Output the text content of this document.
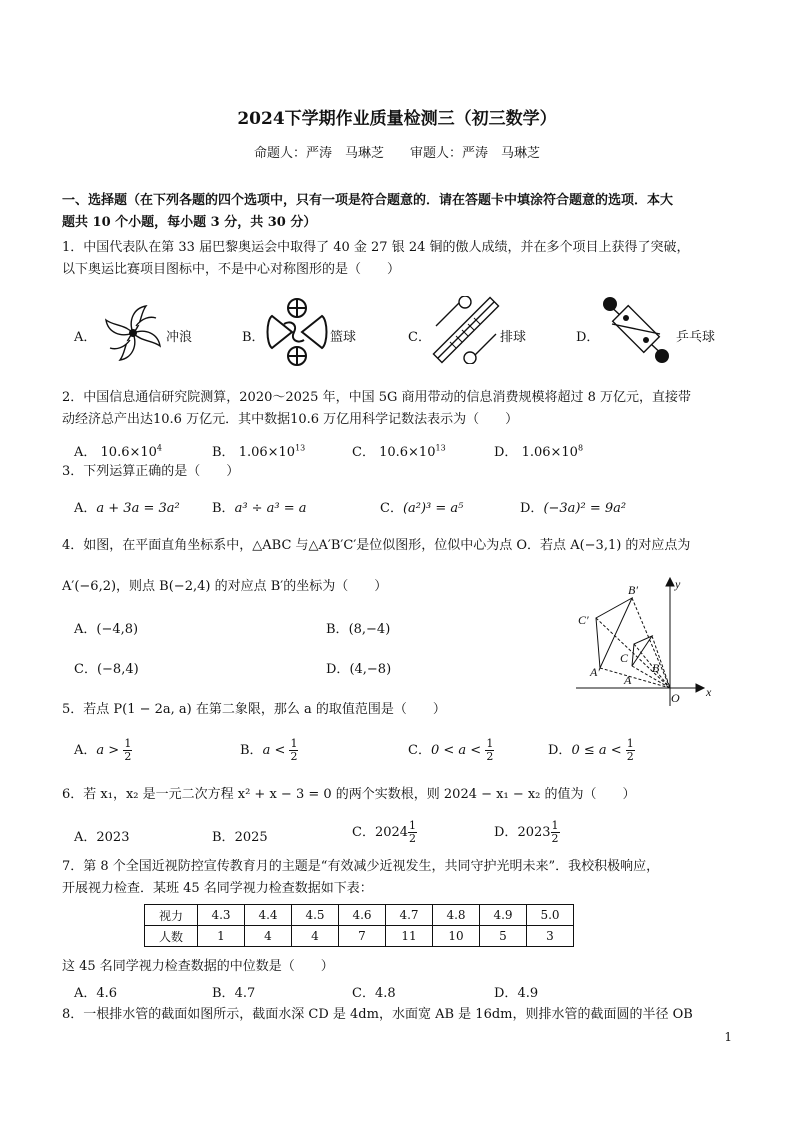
2024下学期作业质量检测三（初三数学）
命题人：严涛　马琳芝　　审题人：严涛　马琳芝
一、选择题（在下列各题的四个选项中，只有一项是符合题意的．请在答题卡中填涂符合题意的选项．本大
题共 10 个小题，每小题 3 分，共 30 分）
1．中国代表队在第 33 届巴黎奥运会中取得了 40 金 27 银 24 铜的傲人成绩，并在多个项目上获得了突破，
以下奥运比赛项目图标中，不是中心对称图形的是（　　）
A．	冲浪	B．	篮球	C．	排球	D．	乒乓球
2．中国信息通信研究院测算，2020～2025 年，中国 5G 商用带动的信息消费规模将超过 8 万亿元，直接带
动经济总产出达10.6 万亿元．其中数据10.6 万亿用科学记数法表示为（　　）
A． $10.6\times 10^4$	B． $1.06\times 10^{13}$	C． $10.6\times 10^{13}$	D． $1.06\times 10^8$
3．下列运算正确的是（　　）
A．a + 3a = 3a² B．a³ ÷ a³ = a	C．(a²)³ = a⁵	D．(−3a)² = 9a²
4．如图，在平面直角坐标系中，△ABC 与△A′B′C′是位似图形，位似中心为点 O．若点 A(−3,1) 的对应点为
A′(−6,2)，则点 B(−2,4) 的对应点 B′的坐标为（　　）
A．(−4,8)	B．(8,−4)
C．(−8,4)	D．(4,−8)
x
y
O
A
B
C
A′
B′
C′
5．若点 P(1 − 2a, a) 在第二象限，那么 a 的取值范围是（　　）
A．$a > \frac{1}{2}$	B．$a < \frac{1}{2}$	C．$0 < a < \frac{1}{2}$	D．$0 \le a < \frac{1}{2}$
6．若 x₁，x₂ 是一元二次方程 x² + x − 3 = 0 的两个实数根，则 2024 − x₁ − x₂ 的值为（　　）
A．2023	B．2025	C．$2024 \frac{1}{2}$	D．$2023 \frac{1}{2}$
7．第 8 个全国近视防控宣传教育月的主题是“有效减少近视发生，共同守护光明未来”．我校积极响应，
开展视力检查．某班 45 名同学视力检查数据如下表：
视力	4.3	4.4	4.5	4.6	4.7	4.8	4.9	5.0
人数	1	4	4	7	11	10	5	3
这 45 名同学视力检查数据的中位数是（　　）
A．4.6	B．4.7	C．4.8	D．4.9
8．一根排水管的截面如图所示，截面水深 CD 是 4dm，水面宽 AB 是 16dm，则排水管的截面圆的半径 OB
1
